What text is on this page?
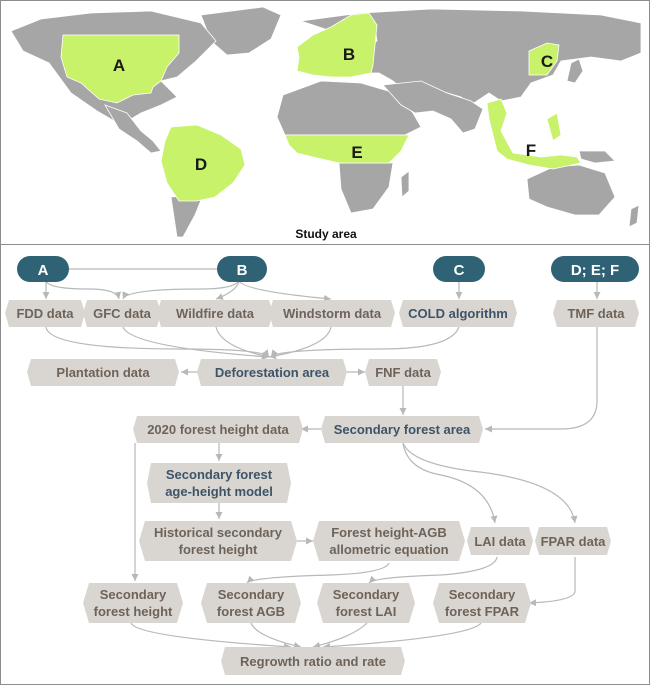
A
B	C
D
E	F
Study area
A	B	C	D; E; F
FDD data GFC data Wildfire data Windstorm data COLD algorithm	TMF data
Plantation data	Deforestation area	FNF data
2020 forest height data	Secondary forest area
Secondary forest
age-height model
Historical secondary
forest height
Forest height-AGB
allometric equation
LAI data FPAR data
Secondary
forest height
Secondary
forest AGB
Secondary
forest LAI
Secondary
forest FPAR
Regrowth ratio and rate
